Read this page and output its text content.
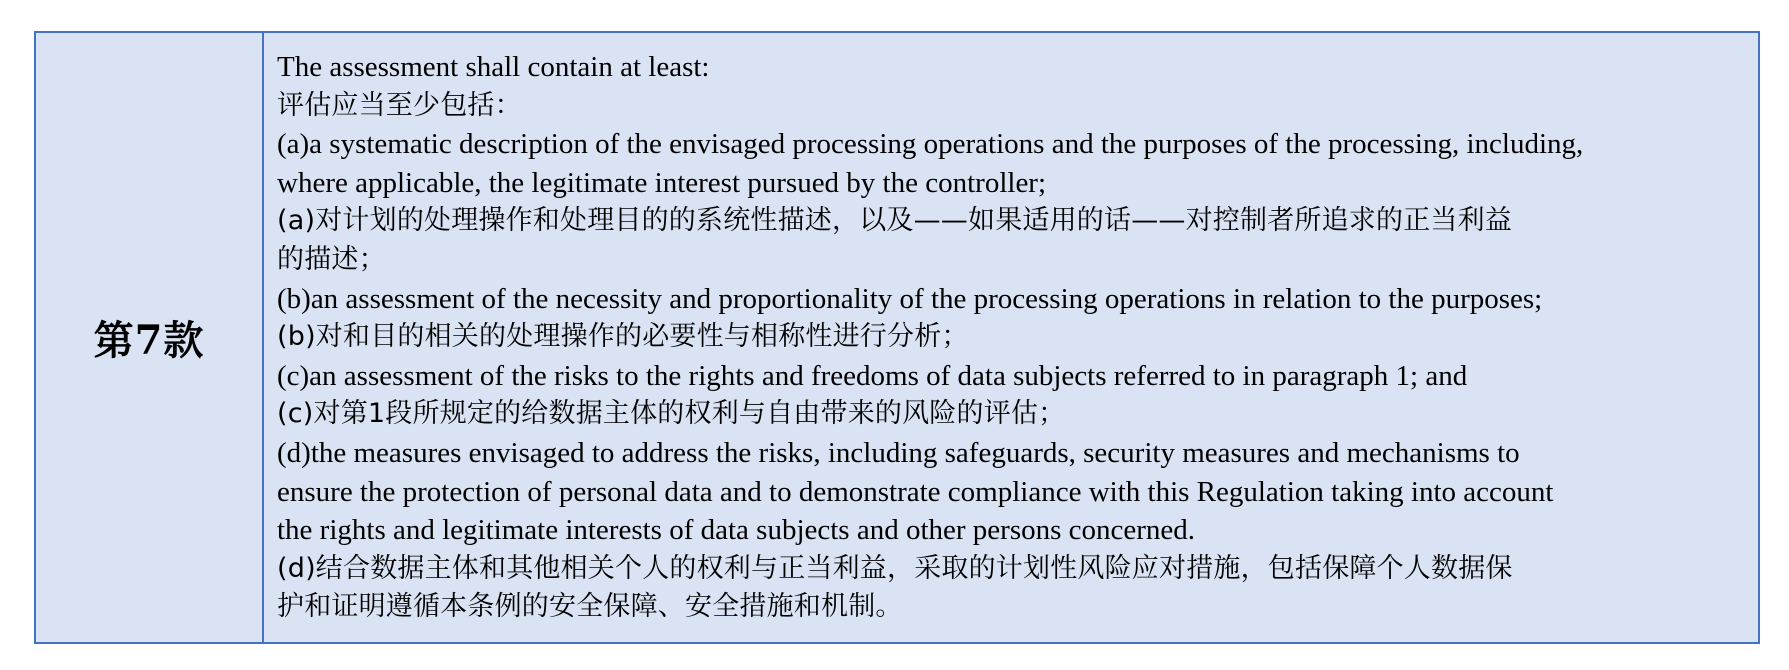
第7款

The assessment shall contain at least:

评估应当至少包括：

(a)a systematic description of the envisaged processing operations and the purposes of the processing, including,

where applicable, the legitimate interest pursued by the controller;

(a)对计划的处理操作和处理目的的系统性描述，以及——如果适用的话——对控制者所追求的正当利益

的描述；

(b)an assessment of the necessity and proportionality of the processing operations in relation to the purposes;

(b)对和目的相关的处理操作的必要性与相称性进行分析；

(c)an assessment of the risks to the rights and freedoms of data subjects referred to in paragraph 1; and

(c)对第1段所规定的给数据主体的权利与自由带来的风险的评估；

(d)the measures envisaged to address the risks, including safeguards, security measures and mechanisms to

ensure the protection of personal data and to demonstrate compliance with this Regulation taking into account

the rights and legitimate interests of data subjects and other persons concerned.

(d)结合数据主体和其他相关个人的权利与正当利益，采取的计划性风险应对措施，包括保障个人数据保

护和证明遵循本条例的安全保障、安全措施和机制。
